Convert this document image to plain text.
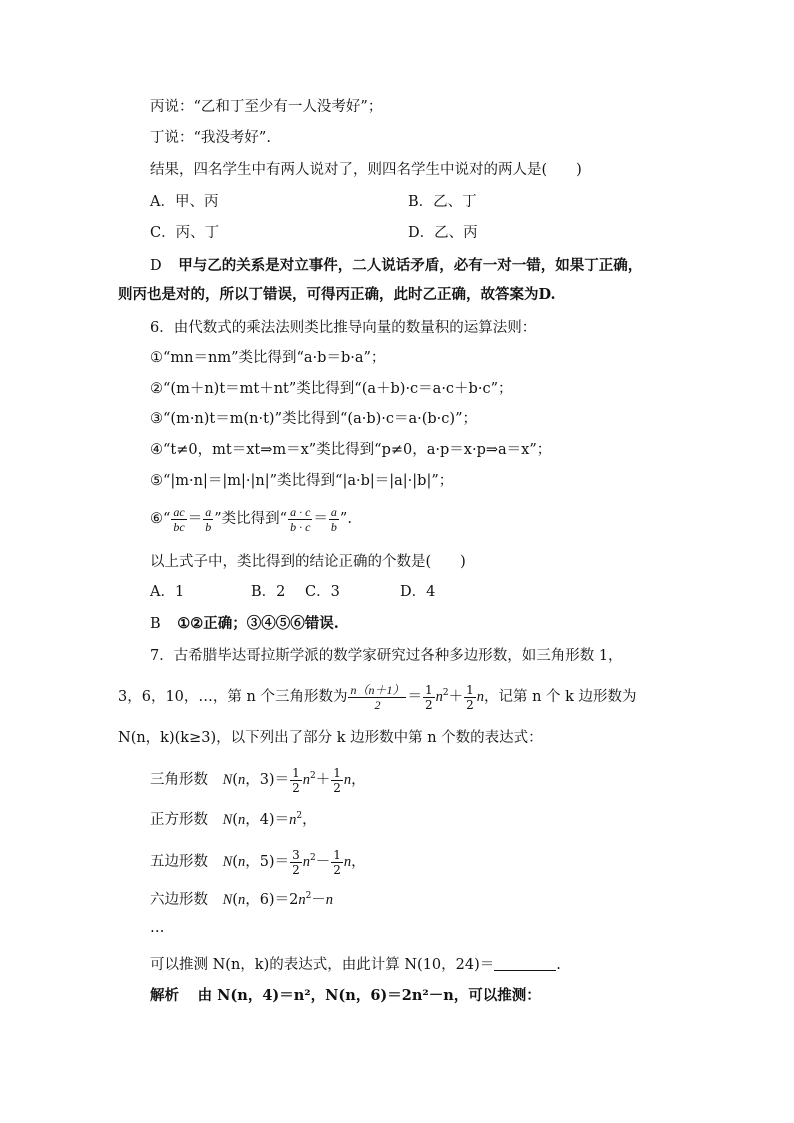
丙说：“乙和丁至少有一人没考好”；
丁说：“我没考好”.
结果，四名学生中有两人说对了，则四名学生中说对的两人是(　　)
A．甲、丙	B．乙、丁
C．丙、丁	D．乙、丙
D 甲与乙的关系是对立事件，二人说话矛盾，必有一对一错，如果丁正确，
则丙也是对的，所以丁错误，可得丙正确，此时乙正确，故答案为D.
6．由代数式的乘法法则类比推导向量的数量积的运算法则：
①“mn＝nm”类比得到“a·b＝b·a”；
②“(m＋n)t＝mt＋nt”类比得到“(a＋b)·c＝a·c＋b·c”；
③“(m·n)t＝m(n·t)”类比得到“(a·b)·c＝a·(b·c)”；
④“t≠0，mt＝xt⇒m＝x”类比得到“p≠0，a·p＝x·p⇒a＝x”；
⑤“|m·n|＝|m|·|n|”类比得到“|a·b|＝|a|·|b|”；
⑥“ $\frac{ac}{bc} = \frac{a}{b}$ ”类比得到“ $\frac{a \cdot c}{b \cdot c} = \frac{a}{b}$ ”.
以上式子中，类比得到的结论正确的个数是(　　)
A．1	B．2 C．3	D．4
B ①②正确；③④⑤⑥错误.
7．古希腊毕达哥拉斯学派的数学家研究过各种多边形数，如三角形数 1，
3，6，10，…，第 n 个三角形数为 $\frac{n(n+1)}{2} = \frac{1}{2} n^2+ \frac{1}{2}$ n，记第 n 个 k 边形数为
N(n，k)(k≥3)，以下列出了部分 k 边形数中第 n 个数的表达式：
三角形数 N(n，$3)= \frac{1}{2} n^2+ \frac{1}{2}$ n，
正方形数 N(n，$4)=n^2$，
五边形数 N(n，$5)= \frac{3}{2} n^2- \frac{1}{2}$ n，
六边形数 N(n，$6)=2n^2-n$
…
可以推测 N(n，k)的表达式，由此计算 N(10，24)＝	.
解析 由 N(n，4)＝n²，N(n，6)＝2n²－n，可以推测：
